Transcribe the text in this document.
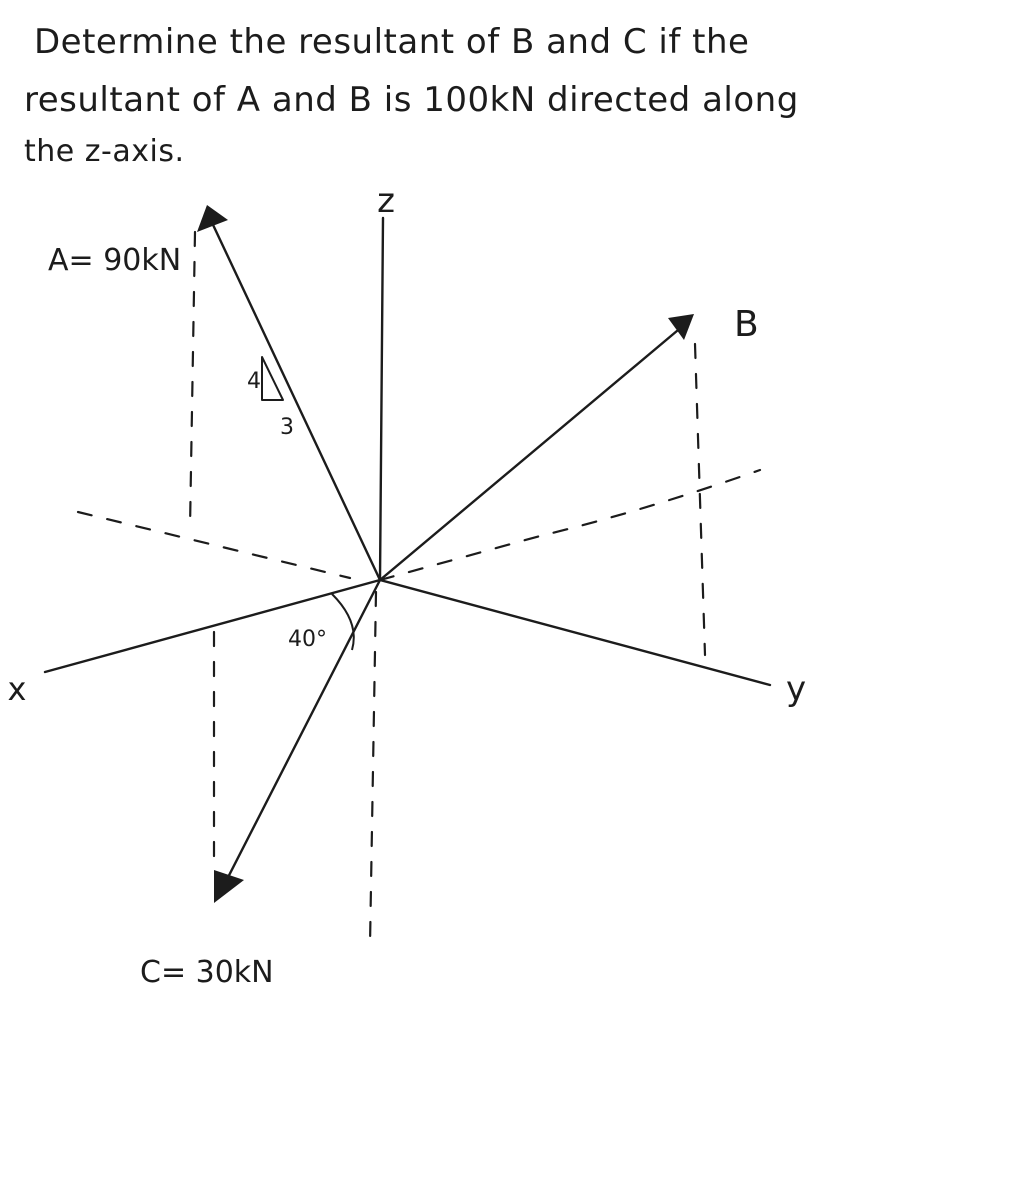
Determine the resultant of B and C if the

resultant of A and B is 100kN directed along

the z-axis.

z
x	y
A= 90kN
B
C= 30kN
4
3
40°
